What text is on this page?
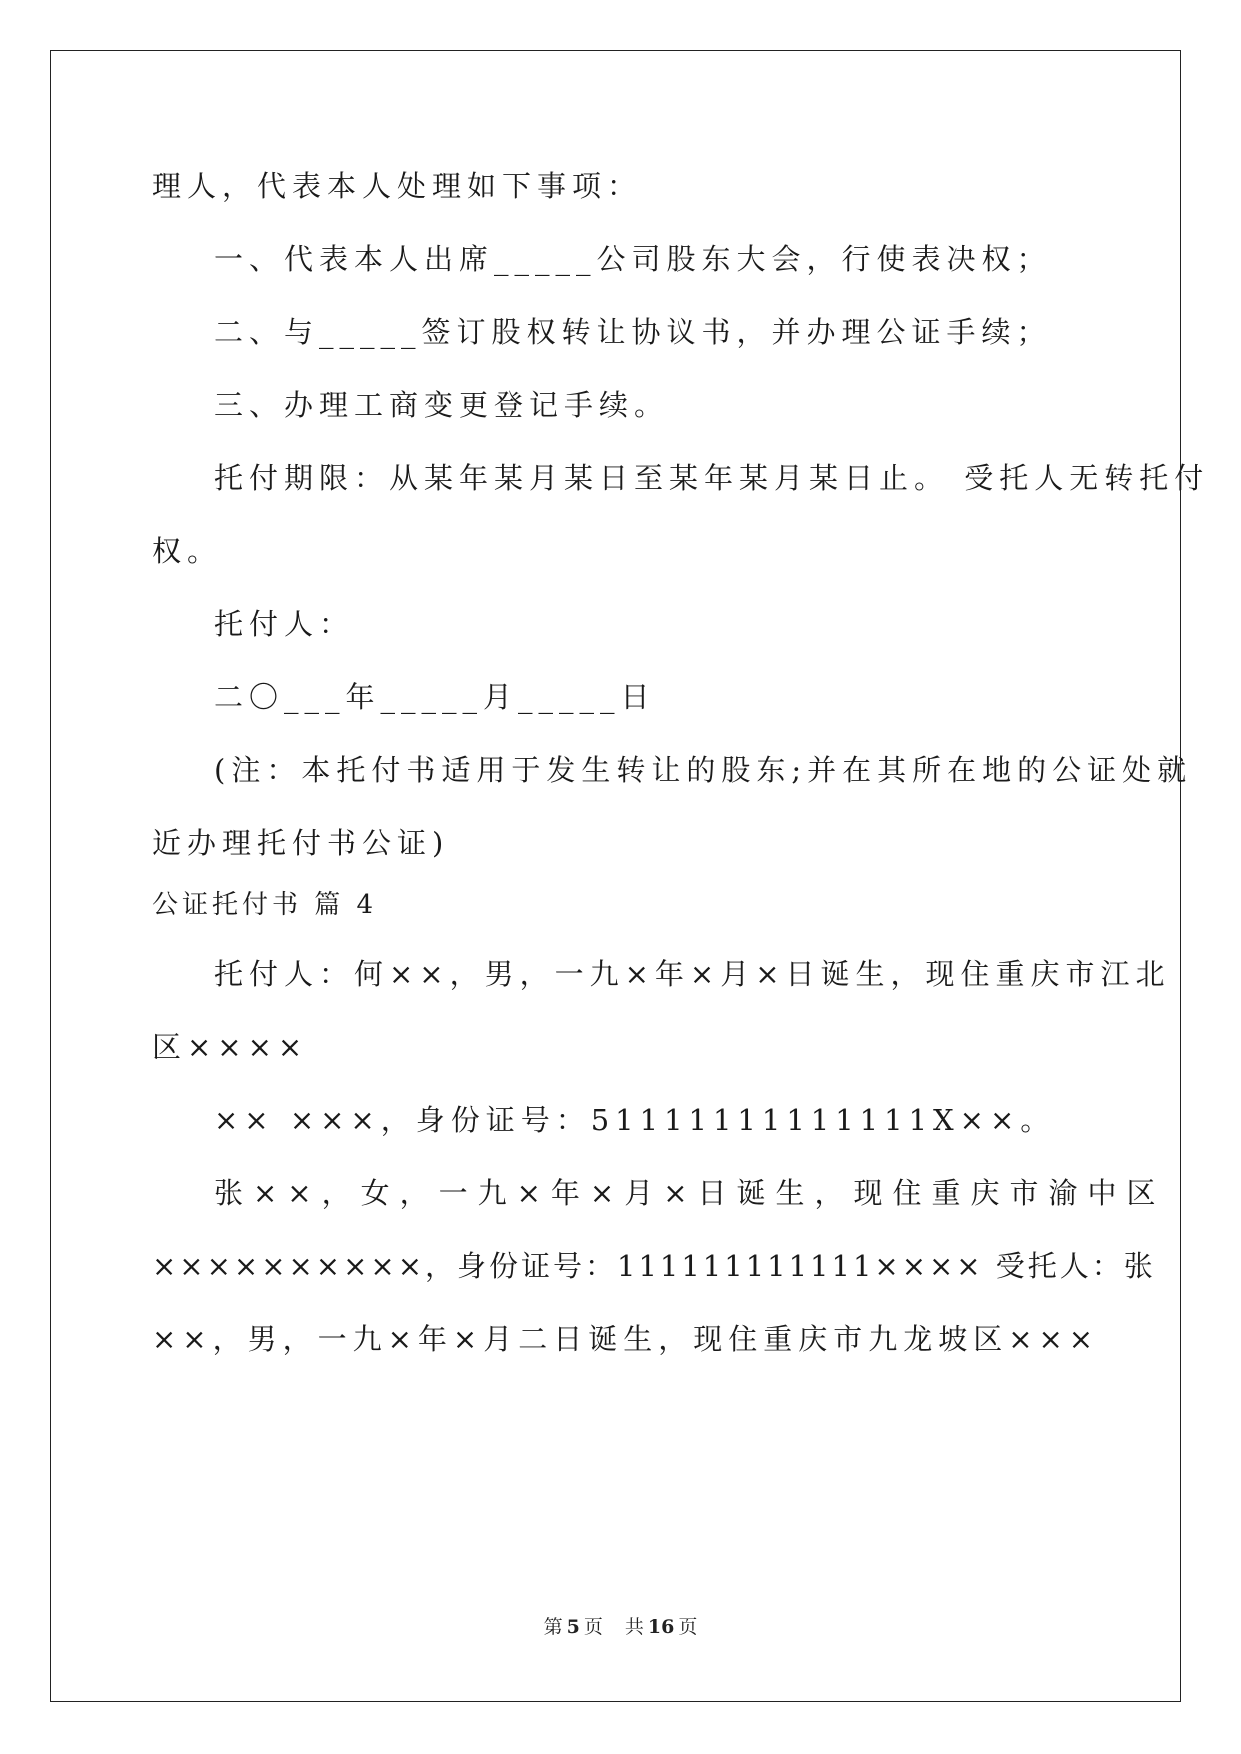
理人，代表本人处理如下事项：
一、代表本人出席_____公司股东大会，行使表决权；
二、与_____签订股权转让协议书，并办理公证手续；
三、办理工商变更登记手续。
托付期限：从某年某月某日至某年某月某日止。 受托人无转托付
权。
托付人：
二〇___年_____月_____日
(注：本托付书适用于发生转让的股东;并在其所在地的公证处就
近办理托付书公证)
公证托付书 篇 4
托付人：何××，男，一九×年×月×日诞生，现住重庆市江北
区××××
×× ×××，身份证号：51111111111111X××。
张××，女，一九×年×月×日诞生，现住重庆市渝中区
××××××××××，身份证号：111111111111×××× 受托人：张
××，男，一九×年×月二日诞生，现住重庆市九龙坡区×××
第 5 页 共 16 页
